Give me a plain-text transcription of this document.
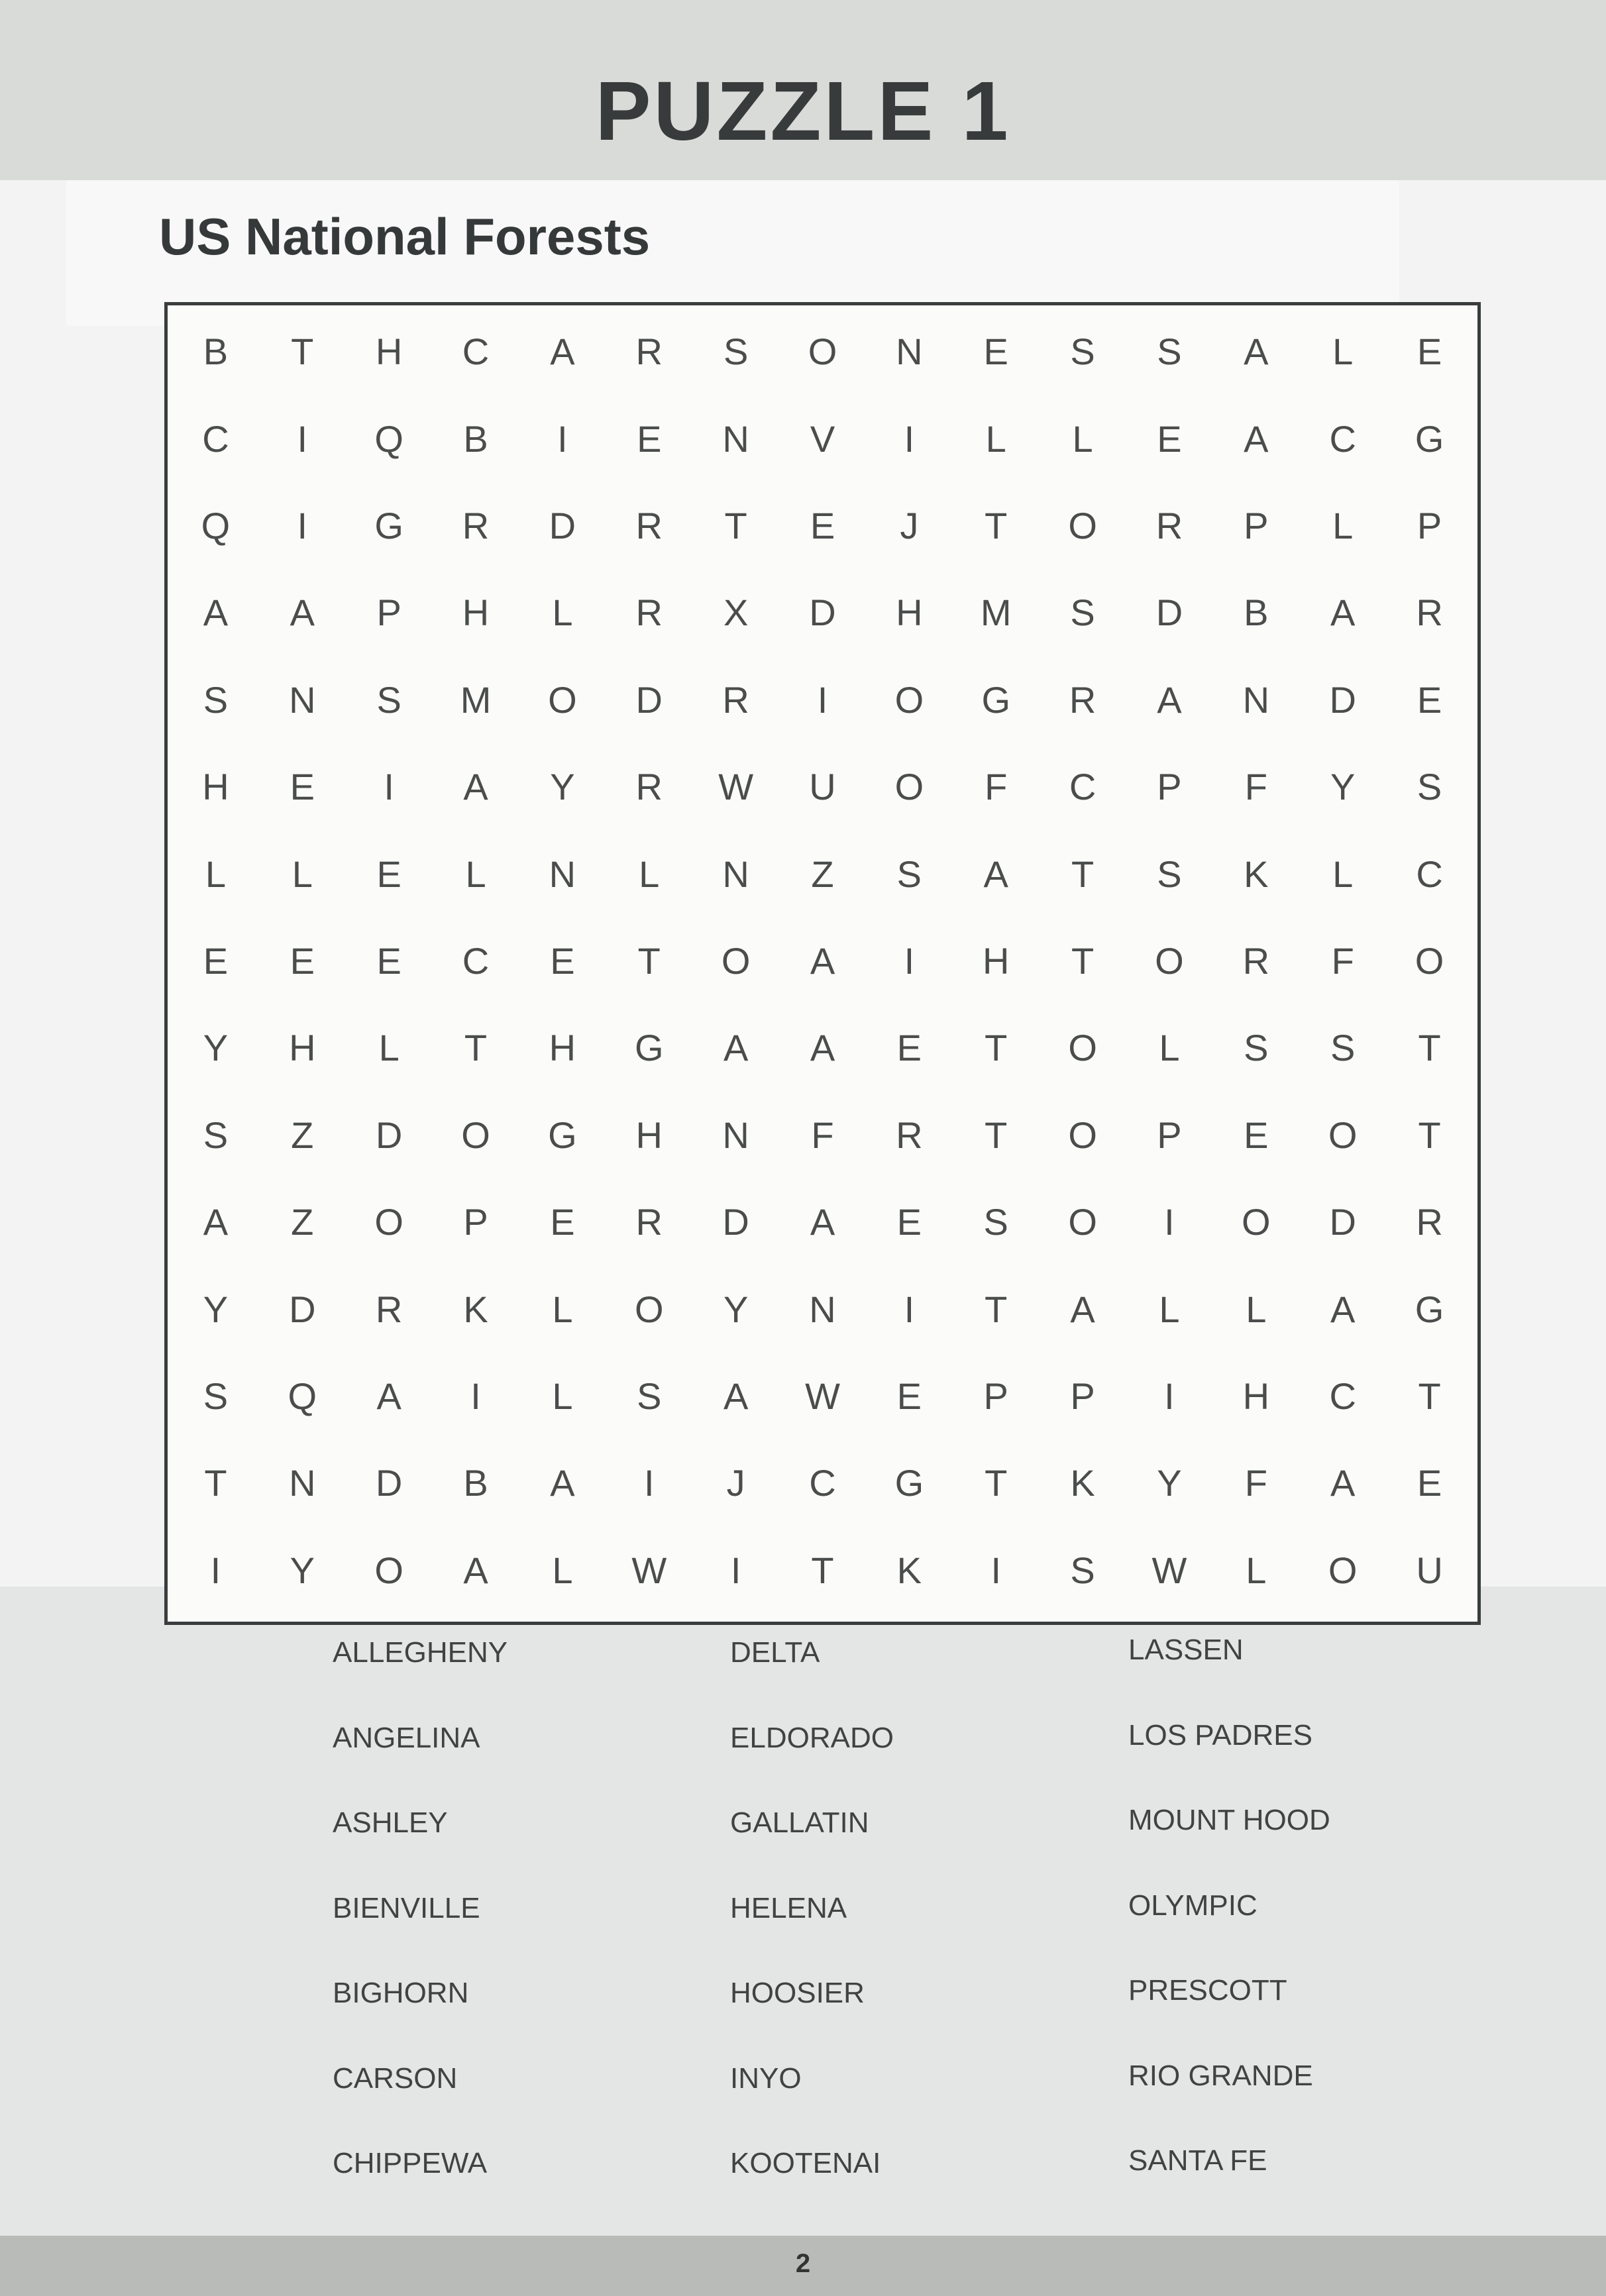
PUZZLE 1
US National Forests
B	T	H	C	A	R	S	O	N	E	S	S	A	L	E
C	I	Q	B	I	E	N	V	I	L	L	E	A	C	G
Q	I	G	R	D	R	T	E	J	T	O	R	P	L	P
A	A	P	H	L	R	X	D	H	M	S	D	B	A	R
S	N	S	M	O	D	R	I	O	G	R	A	N	D	E
H	E	I	A	Y	R	W	U	O	F	C	P	F	Y	S
L	L	E	L	N	L	N	Z	S	A	T	S	K	L	C
E	E	E	C	E	T	O	A	I	H	T	O	R	F	O
Y	H	L	T	H	G	A	A	E	T	O	L	S	S	T
S	Z	D	O	G	H	N	F	R	T	O	P	E	O	T
A	Z	O	P	E	R	D	A	E	S	O	I	O	D	R
Y	D	R	K	L	O	Y	N	I	T	A	L	L	A	G
S	Q	A	I	L	S	A	W	E	P	P	I	H	C	T
T	N	D	B	A	I	J	C	G	T	K	Y	F	A	E
I	Y	O	A	L	W	I	T	K	I	S	W	L	O	U
ALLEGHENY
ANGELINA
ASHLEY
BIENVILLE
BIGHORN
CARSON
CHIPPEWA
DELTA
ELDORADO
GALLATIN
HELENA
HOOSIER
INYO
KOOTENAI
LASSEN
LOS PADRES
MOUNT HOOD
OLYMPIC
PRESCOTT
RIO GRANDE
SANTA FE
2
